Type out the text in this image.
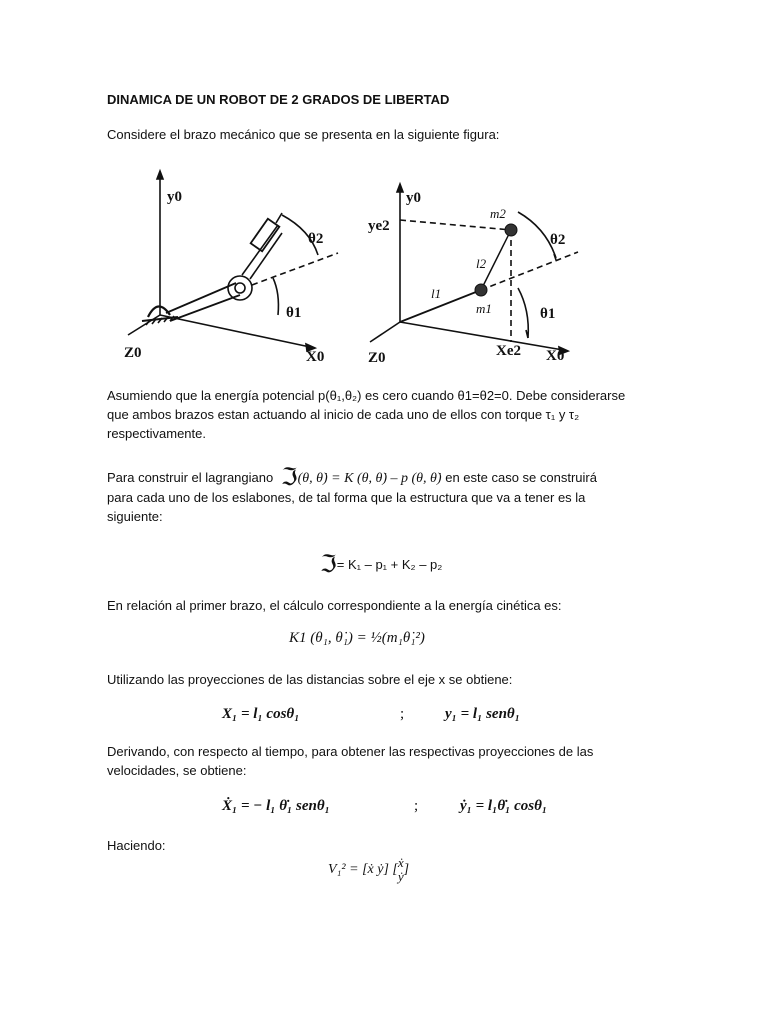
DINAMICA DE UN ROBOT DE 2 GRADOS DE LIBERTAD
Considere el brazo mecánico que se presenta en la siguiente figura:
y0
Z0	X0
θ1
θ2
y0
ye2
Z0	Xe2 X0
m1
m2
l1
l2
θ1
θ2
Asumiendo que la energía potencial p(θ₁,θ₂) es cero cuando θ1=θ2=0. Debe considerarse
que ambos brazos estan actuando al inicio de cada uno de ellos con torque τ₁ y τ₂
respectivamente.
Para construir el lagrangiano ℑ(θ, θ̇) = K (θ, θ̇) – p (θ, θ̇) en este caso se construirá
para cada uno de los eslabones, de tal forma que la estructura que va a tener es la
siguiente:
ℑ= K₁ – p₁ + K₂ – p₂
En relación al primer brazo, el cálculo correspondiente a la energía cinética es:
K1 (θ₁, θ̇₁) = ½(m₁θ̇₁²)
Utilizando las proyecciones de las distancias sobre el eje x se obtiene:
X₁ = l₁ cosθ₁	;	y₁ = l₁ senθ₁
Derivando, con respecto al tiempo, para obtener las respectivas proyecciones de las
velocidades, se obtiene:
Ẋ₁ = − l₁ θ̇₁ senθ₁	;	ẏ₁ = l₁θ̇₁ cosθ₁
Haciendo:
V₁² = [ẋ ẏ] [ẋ
ẏ]
